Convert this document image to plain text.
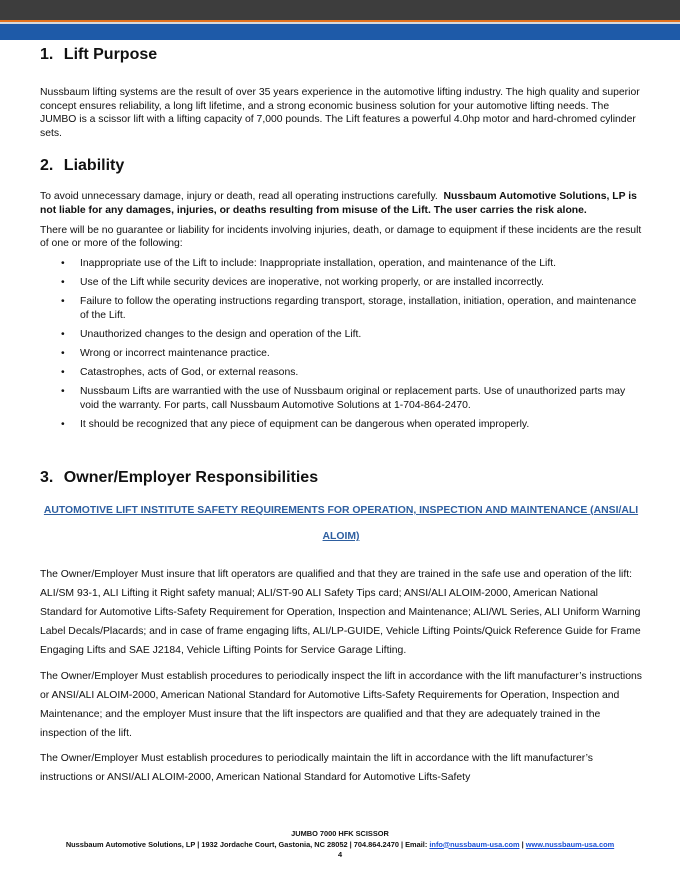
1. Lift Purpose

Nussbaum lifting systems are the result of over 35 years experience in the automotive lifting industry. The high quality and superior concept ensures reliability, a long lift lifetime, and a strong economic business solution for your automotive lifting needs. The JUMBO is a scissor lift with a lifting capacity of 7,000 pounds. The Lift features a powerful 4.0hp motor and hard-chromed cylinder sets.

2. Liability

To avoid unnecessary damage, injury or death, read all operating instructions carefully. Nussbaum Automotive Solutions, LP is not liable for any damages, injuries, or deaths resulting from misuse of the Lift. The user carries the risk alone.

There will be no guarantee or liability for incidents involving injuries, death, or damage to equipment if these incidents are the result of one or more of the following:

• Inappropriate use of the Lift to include: Inappropriate installation, operation, and maintenance of the Lift.
• Use of the Lift while security devices are inoperative, not working properly, or are installed incorrectly.
• Failure to follow the operating instructions regarding transport, storage, installation, initiation, operation, and maintenance of the Lift.
• Unauthorized changes to the design and operation of the Lift.
• Wrong or incorrect maintenance practice.
• Catastrophes, acts of God, or external reasons.
• Nussbaum Lifts are warrantied with the use of Nussbaum original or replacement parts. Use of unauthorized parts may void the warranty. For parts, call Nussbaum Automotive Solutions at 1-704-864-2470.
• It should be recognized that any piece of equipment can be dangerous when operated improperly.
3. Owner/Employer Responsibilities

AUTOMOTIVE LIFT INSTITUTE SAFETY REQUIREMENTS FOR OPERATION, INSPECTION AND MAINTENANCE (ANSI/ALI

ALOIM)

The Owner/Employer Must insure that lift operators are qualified and that they are trained in the safe use and operation of the lift: ALI/SM 93-1, ALI Lifting it Right safety manual; ALI/ST-90 ALI Safety Tips card; ANSI/ALI ALOIM-2000, American National Standard for Automotive Lifts-Safety Requirement for Operation, Inspection and Maintenance; ALI/WL Series, ALI Uniform Warning Label Decals/Placards; and in case of frame engaging lifts, ALI/LP-GUIDE, Vehicle Lifting Points/Quick Reference Guide for Frame Engaging Lifts and SAE J2184, Vehicle Lifting Points for Service Garage Lifting.

The Owner/Employer Must establish procedures to periodically inspect the lift in accordance with the lift manufacturer’s instructions or ANSI/ALI ALOIM-2000, American National Standard for Automotive Lifts-Safety Requirements for Operation, Inspection and Maintenance; and the employer Must insure that the lift inspectors are qualified and that they are adequately trained in the inspection of the lift.

The Owner/Employer Must establish procedures to periodically maintain the lift in accordance with the lift manufacturer’s instructions or ANSI/ALI ALOIM-2000, American National Standard for Automotive Lifts-Safety

JUMBO 7000 HFK SCISSOR
Nussbaum Automotive Solutions, LP | 1932 Jordache Court, Gastonia, NC 28052 | 704.864.2470 | Email: info@nussbaum-usa.com | www.nussbaum-usa.com
4
